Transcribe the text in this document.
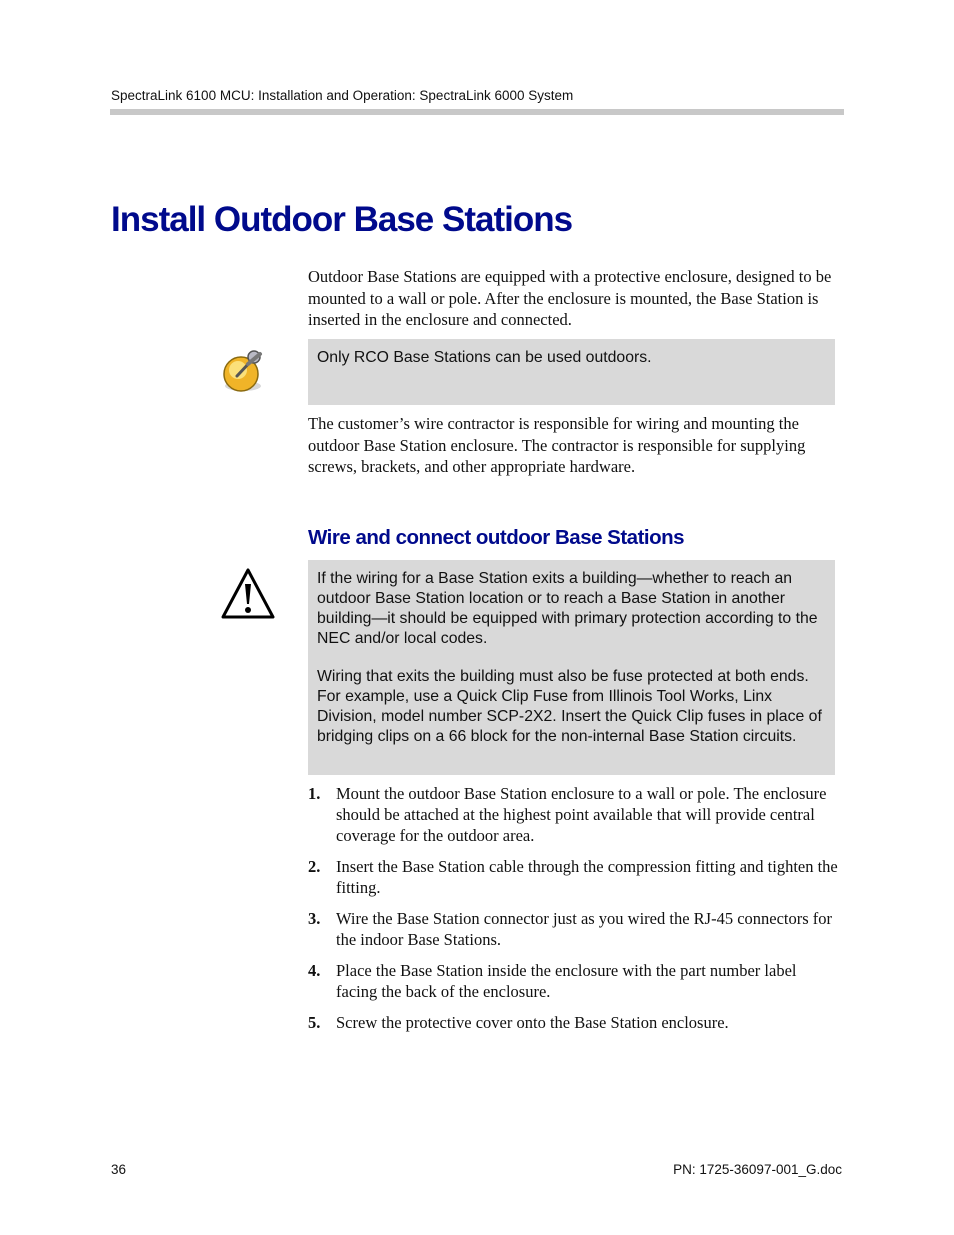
SpectraLink 6100 MCU: Installation and Operation: SpectraLink 6000 System
Install Outdoor Base Stations

Outdoor Base Stations are equipped with a protective enclosure, designed to be mounted to a wall or pole. After the enclosure is mounted, the Base Station is inserted in the enclosure and connected.

Only RCO Base Stations can be used outdoors.

The customer’s wire contractor is responsible for wiring and mounting the outdoor Base Station enclosure. The contractor is responsible for supplying screws, brackets, and other appropriate hardware.

Wire and connect outdoor Base Stations

If the wiring for a Base Station exits a building—whether to reach an outdoor Base Station location or to reach a Base Station in another building—it should be equipped with primary protection according to the NEC and/or local codes.

Wiring that exits the building must also be fuse protected at both ends. For example, use a Quick Clip Fuse from Illinois Tool Works, Linx Division, model number SCP-2X2. Insert the Quick Clip fuses in place of bridging clips on a 66 block for the non-internal Base Station circuits.

1. Mount the outdoor Base Station enclosure to a wall or pole. The enclosure should be attached at the highest point available that will provide central coverage for the outdoor area.
2. Insert the Base Station cable through the compression fitting and tighten the fitting.
3. Wire the Base Station connector just as you wired the RJ-45 connectors for the indoor Base Stations.
4. Place the Base Station inside the enclosure with the part number label facing the back of the enclosure.
5. Screw the protective cover onto the Base Station enclosure.
36	PN: 1725-36097-001_G.doc
